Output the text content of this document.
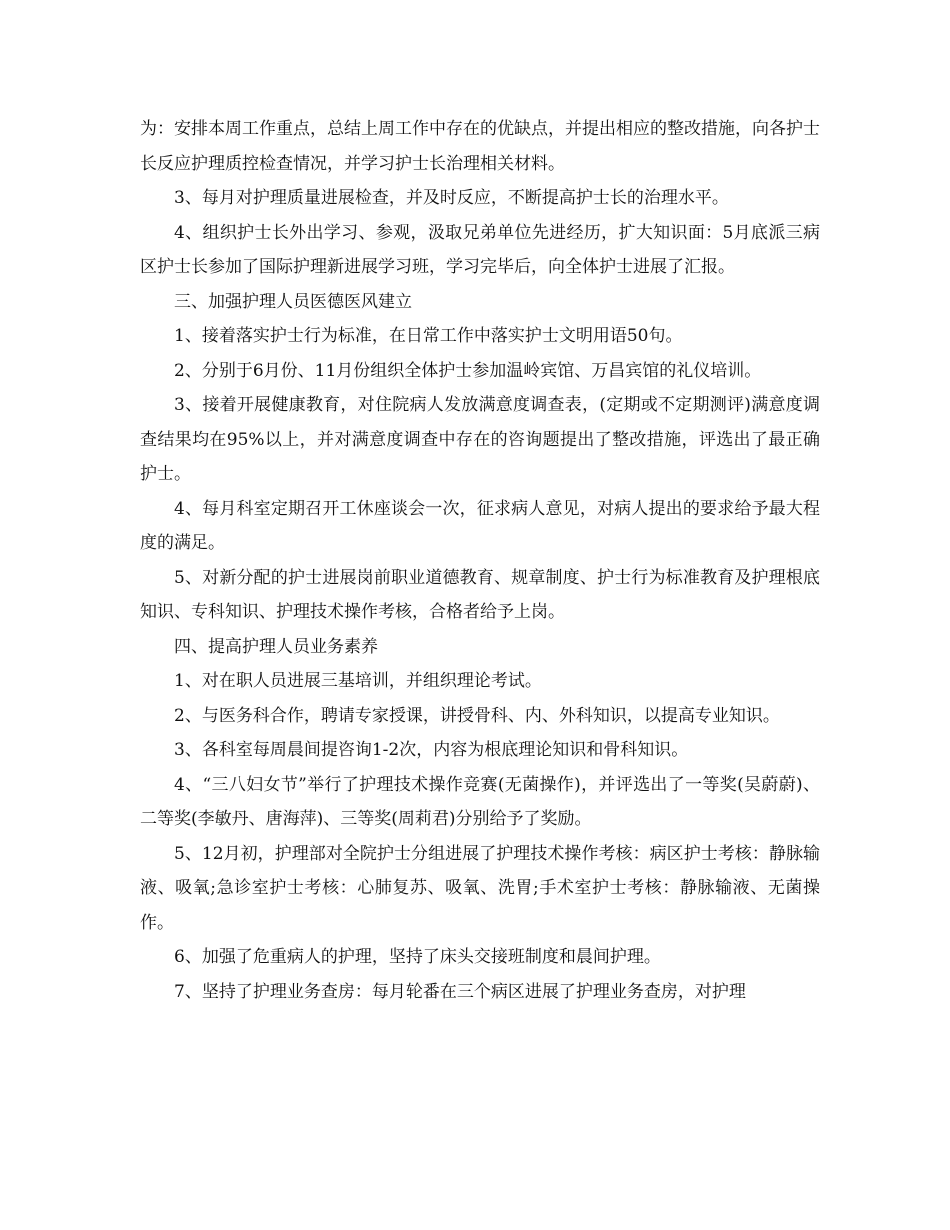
为：安排本周工作重点，总结上周工作中存在的优缺点，并提出相应的整改措施，向各护士长反应护理质控检查情况，并学习护士长治理相关材料。

3、每月对护理质量进展检查，并及时反应，不断提高护士长的治理水平。

4、组织护士长外出学习、参观，汲取兄弟单位先进经历，扩大知识面：5月底派三病区护士长参加了国际护理新进展学习班，学习完毕后，向全体护士进展了汇报。

三、加强护理人员医德医风建立

1、接着落实护士行为标准，在日常工作中落实护士文明用语50句。

2、分别于6月份、11月份组织全体护士参加温岭宾馆、万昌宾馆的礼仪培训。

3、接着开展健康教育，对住院病人发放满意度调查表，(定期或不定期测评)满意度调查结果均在95%以上，并对满意度调查中存在的咨询题提出了整改措施，评选出了最正确护士。

4、每月科室定期召开工休座谈会一次，征求病人意见，对病人提出的要求给予最大程度的满足。

5、对新分配的护士进展岗前职业道德教育、规章制度、护士行为标准教育及护理根底知识、专科知识、护理技术操作考核，合格者给予上岗。

四、提高护理人员业务素养

1、对在职人员进展三基培训，并组织理论考试。

2、与医务科合作，聘请专家授课，讲授骨科、内、外科知识，以提高专业知识。

3、各科室每周晨间提咨询1-2次，内容为根底理论知识和骨科知识。

4、“三八妇女节”举行了护理技术操作竞赛(无菌操作)，并评选出了一等奖(吴蔚蔚)、二等奖(李敏丹、唐海萍)、三等奖(周莉君)分别给予了奖励。

5、12月初，护理部对全院护士分组进展了护理技术操作考核：病区护士考核：静脉输液、吸氧;急诊室护士考核：心肺复苏、吸氧、洗胃;手术室护士考核：静脉输液、无菌操作。

6、加强了危重病人的护理，坚持了床头交接班制度和晨间护理。

7、坚持了护理业务查房：每月轮番在三个病区进展了护理业务查房，对护理
